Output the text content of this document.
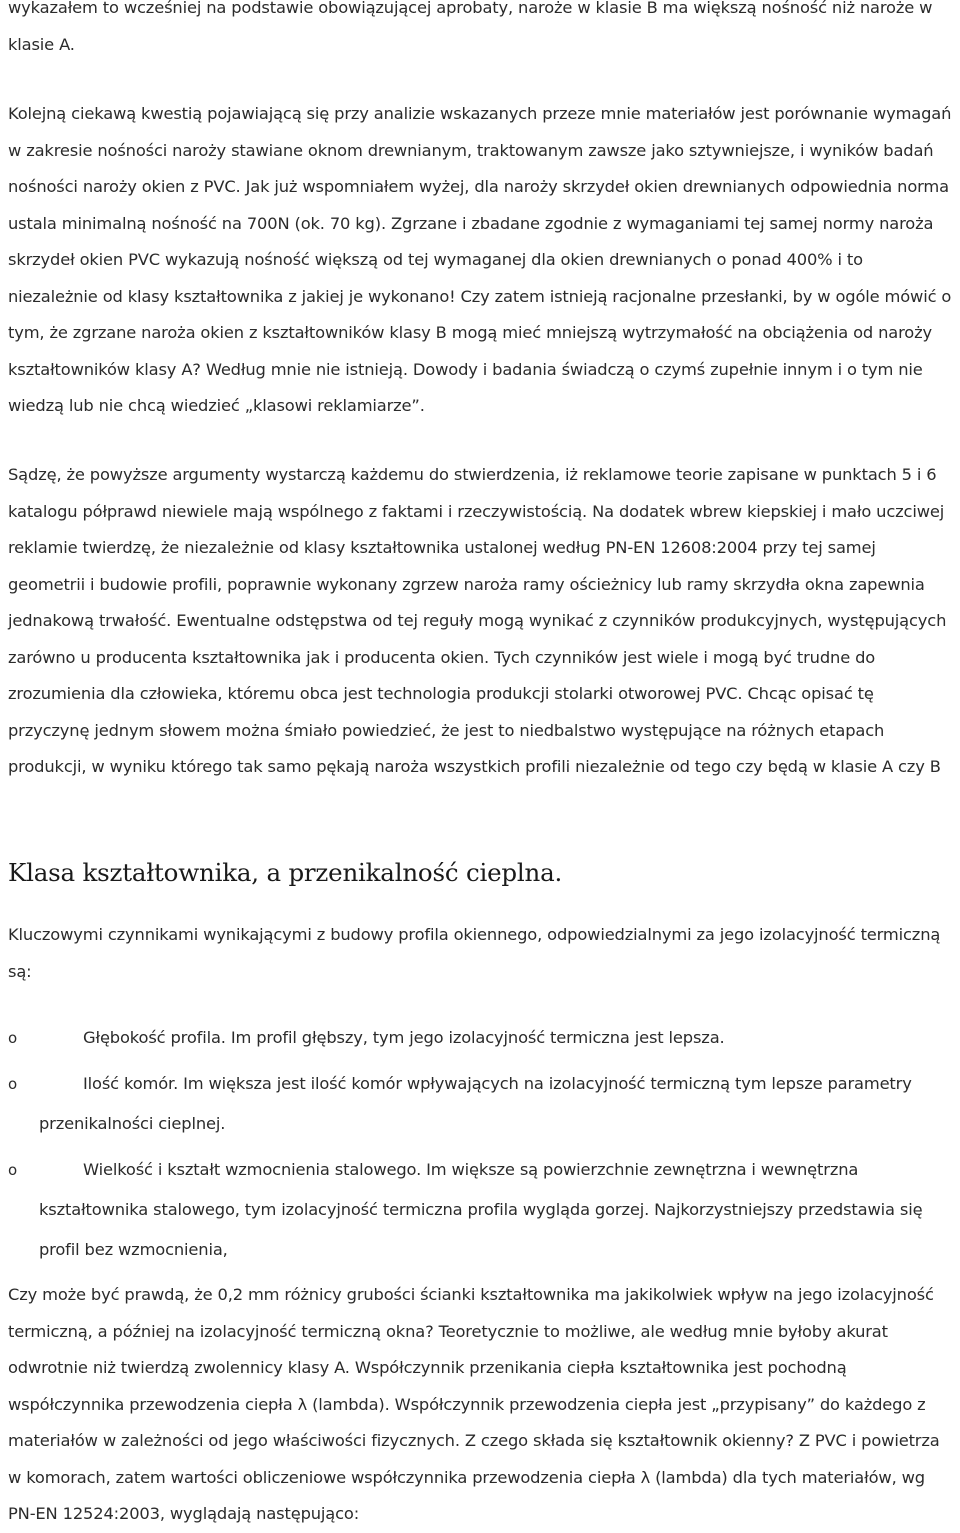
wykazałem to wcześniej na podstawie obowiązującej aprobaty, naroże w klasie B ma większą nośność niż naroże w klasie A.

Kolejną ciekawą kwestią pojawiającą się przy analizie wskazanych przeze mnie materiałów jest porównanie wymagań w zakresie nośności naroży stawiane oknom drewnianym, traktowanym zawsze jako sztywniejsze, i wyników badań nośności naroży okien z PVC. Jak już wspomniałem wyżej, dla naroży skrzydeł okien drewnianych odpowiednia norma ustala minimalną nośność na 700N (ok. 70 kg). Zgrzane i zbadane zgodnie z wymaganiami tej samej normy naroża skrzydeł okien PVC wykazują nośność większą od tej wymaganej dla okien drewnianych o ponad 400% i to niezależnie od klasy kształtownika z jakiej je wykonano! Czy zatem istnieją racjonalne przesłanki, by w ogóle mówić o tym, że zgrzane naroża okien z kształtowników klasy B mogą mieć mniejszą wytrzymałość na obciążenia od naroży kształtowników klasy A? Według mnie nie istnieją. Dowody i badania świadczą o czymś zupełnie innym i o tym nie wiedzą lub nie chcą wiedzieć „klasowi reklamiarze”.

Sądzę, że powyższe argumenty wystarczą każdemu do stwierdzenia, iż reklamowe teorie zapisane w punktach 5 i 6 katalogu półprawd niewiele mają wspólnego z faktami i rzeczywistością. Na dodatek wbrew kiepskiej i mało uczciwej reklamie twierdzę, że niezależnie od klasy kształtownika ustalonej według PN-EN 12608:2004 przy tej samej geometrii i budowie profili, poprawnie wykonany zgrzew naroża ramy ościeżnicy lub ramy skrzydła okna zapewnia jednakową trwałość. Ewentualne odstępstwa od tej reguły mogą wynikać z czynników produkcyjnych, występujących zarówno u producenta kształtownika jak i producenta okien. Tych czynników jest wiele i mogą być trudne do zrozumienia dla człowieka, któremu obca jest technologia produkcji stolarki otworowej PVC. Chcąc opisać tę przyczynę jednym słowem można śmiało powiedzieć, że jest to niedbalstwo występujące na różnych etapach produkcji, w wyniku którego tak samo pękają naroża wszystkich profili niezależnie od tego czy będą w klasie A czy B

Klasa kształtownika, a przenikalność cieplna.

Kluczowymi czynnikami wynikającymi z budowy profila okiennego, odpowiedzialnymi za jego izolacyjność termiczną są:

o	Głębokość profila. Im profil głębszy, tym jego izolacyjność termiczna jest lepsza.

o	Ilość komór. Im większa jest ilość komór wpływających na izolacyjność termiczną tym lepsze parametry przenikalności cieplnej.

o	Wielkość i kształt wzmocnienia stalowego. Im większe są powierzchnie zewnętrzna i wewnętrzna kształtownika stalowego, tym izolacyjność termiczna profila wygląda gorzej. Najkorzystniejszy przedstawia się profil bez wzmocnienia,

Czy może być prawdą, że 0,2 mm różnicy grubości ścianki kształtownika ma jakikolwiek wpływ na jego izolacyjność termiczną, a później na izolacyjność termiczną okna? Teoretycznie to możliwe, ale według mnie byłoby akurat odwrotnie niż twierdzą zwolennicy klasy A. Współczynnik przenikania ciepła kształtownika jest pochodną współczynnika przewodzenia ciepła λ (lambda). Współczynnik przewodzenia ciepła jest „przypisany” do każdego z materiałów w zależności od jego właściwości fizycznych. Z czego składa się kształtownik okienny? Z PVC i powietrza w komorach, zatem wartości obliczeniowe współczynnika przewodzenia ciepła λ (lambda) dla tych materiałów, wg PN-EN 12524:2003, wyglądają następująco:
